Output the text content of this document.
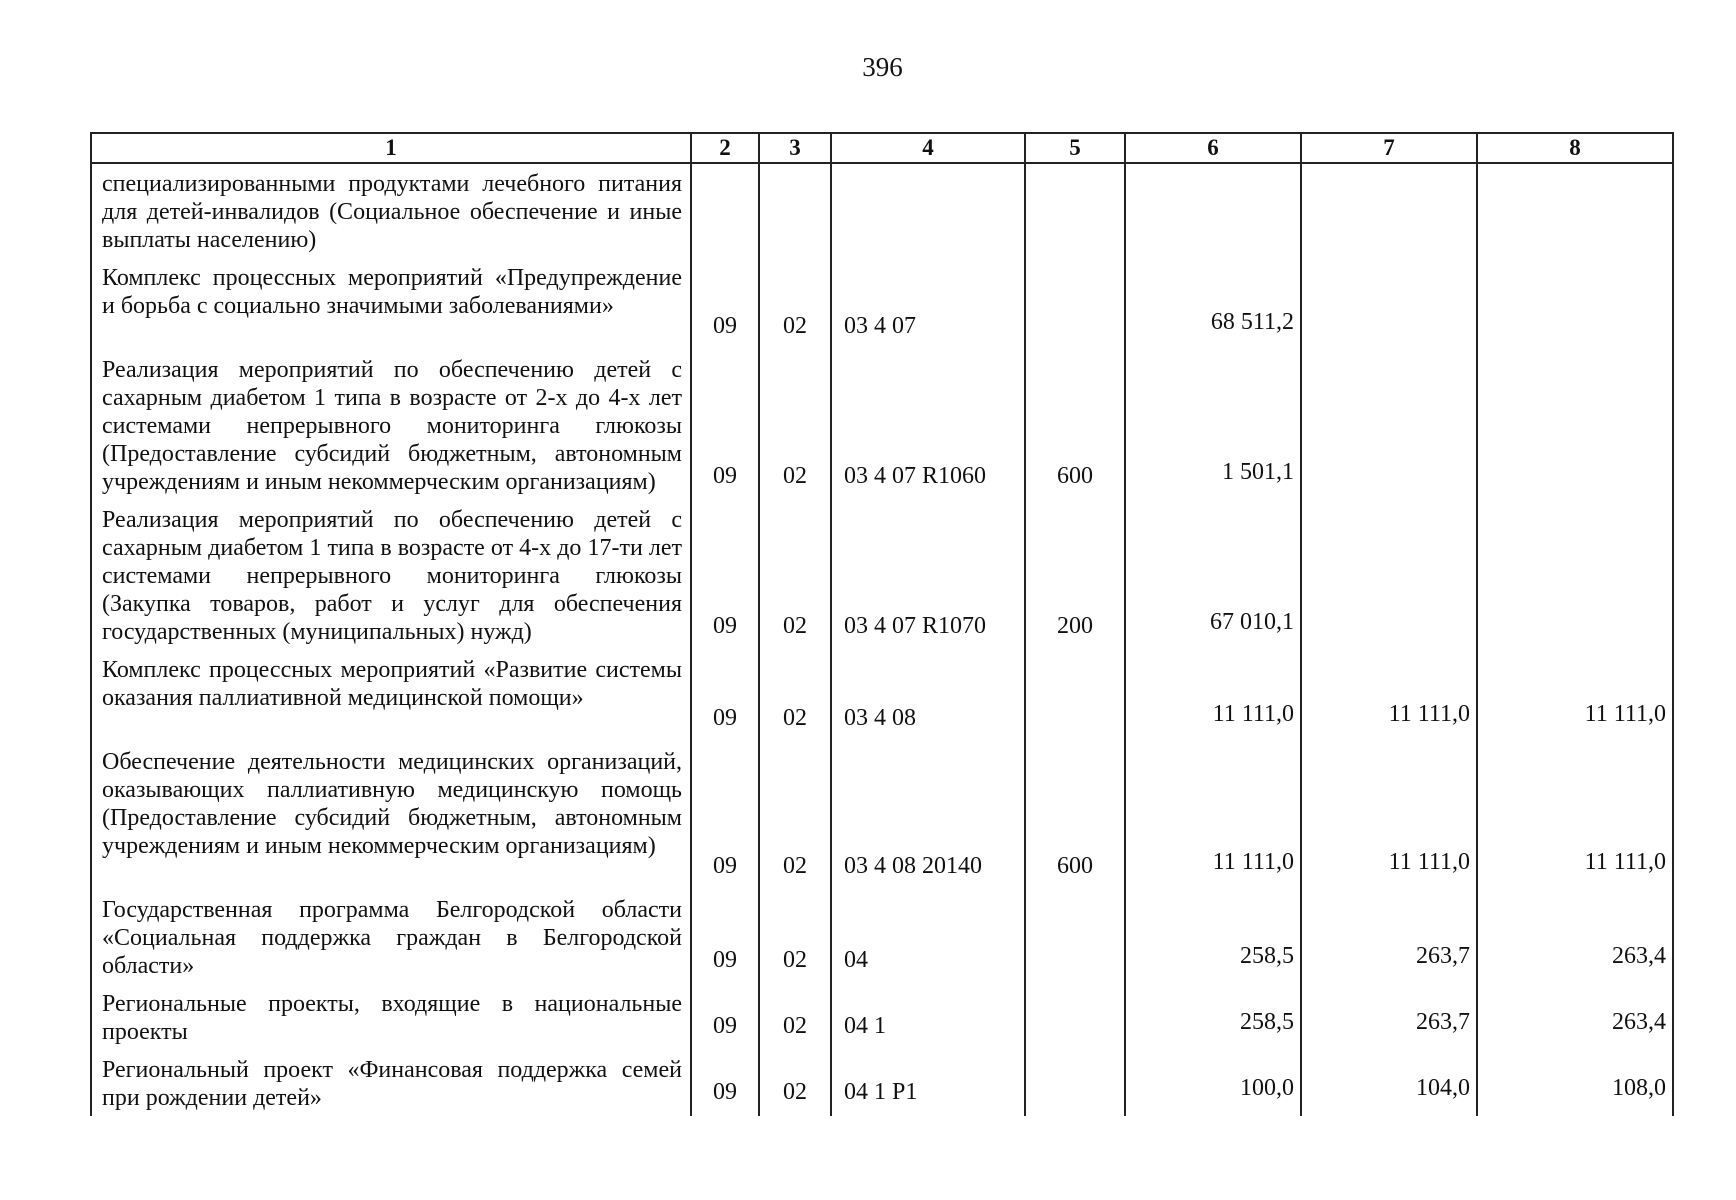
396
1	2	3	4	5	6	7	8
специализированными продуктами лечебного питания для детей-инвалидов (Социальное обеспечение и иные выплаты населению)							
Комплекс процессных мероприятий «Предупреждение и борьба с социально значимыми заболеваниями»	09	02	03 4 07		68 511,2		
Реализация мероприятий по обеспечению детей с сахарным диабетом 1 типа в возрасте от 2-х до 4-х лет системами непрерывного мониторинга глюкозы (Предоставление субсидий бюджетным, автономным учреждениям и иным некоммерческим организациям)	09	02	03 4 07 R1060	600	1 501,1		
Реализация мероприятий по обеспечению детей с сахарным диабетом 1 типа в возрасте от 4-х до 17-ти лет системами непрерывного мониторинга глюкозы (Закупка товаров, работ и услуг для обеспечения государственных (муниципальных) нужд)	09	02	03 4 07 R1070	200	67 010,1		
Комплекс процессных мероприятий «Развитие системы оказания паллиативной медицинской помощи»	09	02	03 4 08		11 111,0	11 111,0	11 111,0
Обеспечение деятельности медицинских организаций, оказывающих паллиативную медицинскую помощь (Предоставление субсидий бюджетным, автономным учреждениям и иным некоммерческим организациям)	09	02	03 4 08 20140	600	11 111,0	11 111,0	11 111,0
Государственная программа Белгородской области «Социальная поддержка граждан в Белгородской области»	09	02	04		258,5	263,7	263,4
Региональные проекты, входящие в национальные проекты	09	02	04 1		258,5	263,7	263,4
Региональный проект «Финансовая поддержка семей при рождении детей»	09	02	04 1 P1		100,0	104,0	108,0
